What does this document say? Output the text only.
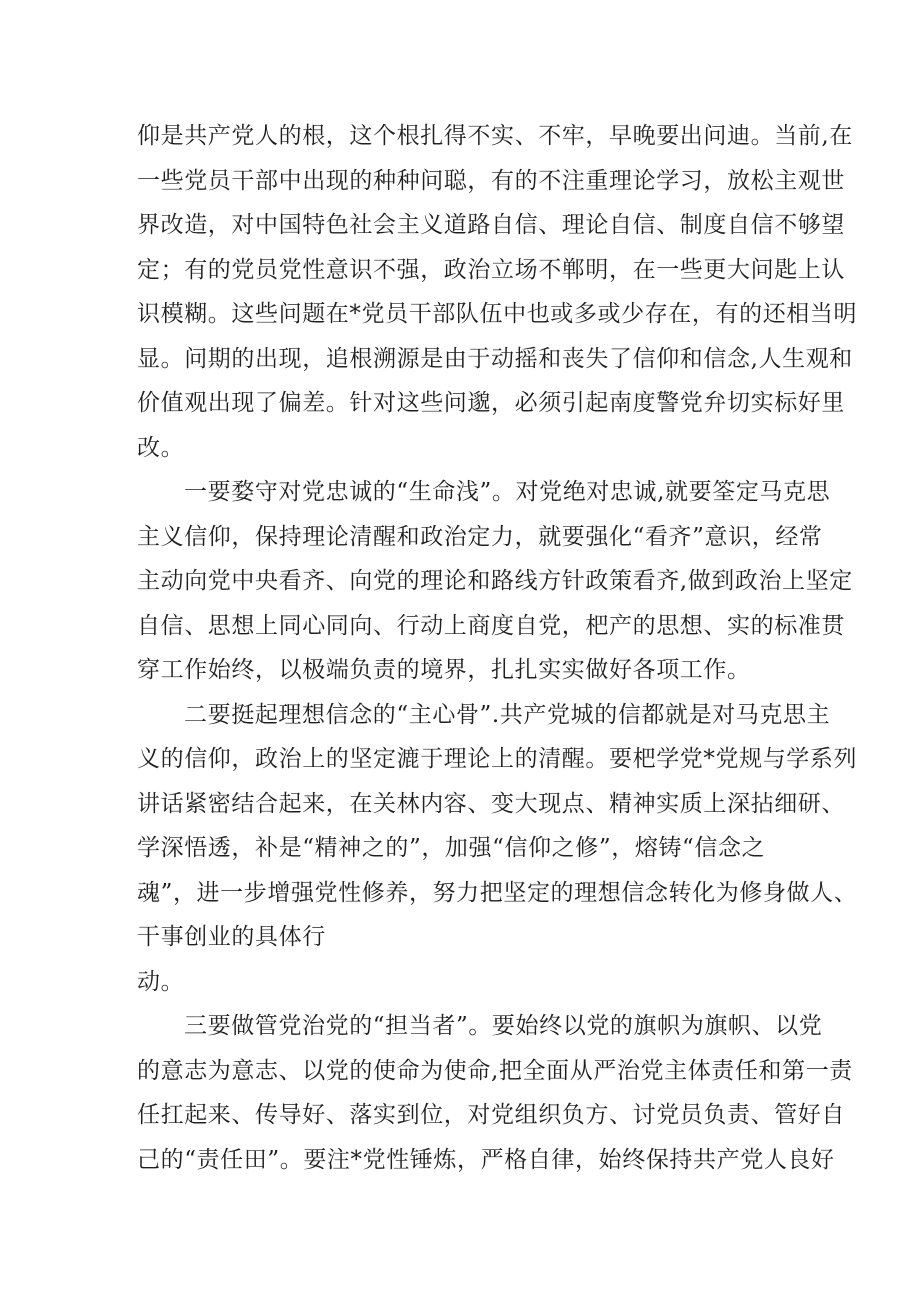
仰是共产党人的根，这个根扎得不实、不牢，早晚要出问迪。当前,在
一些党员干部中出现的种种问聪，有的不注重理论学习，放松主观世
界改造，对中国特色社会主义道路自信、理论自信、制度自信不够望
定；有的党员党性意识不强，政治立场不郸明，在一些更大问匙上认
识模糊。这些问题在*党员干部队伍中也或多或少存在，有的还相当明
显。问期的出现，追根溯源是由于动摇和丧失了信仰和信念,人生观和
价值观出现了偏差。针对这些问邈，必须引起南度警党弁切实标好里
改。
一要婺守对党忠诚的“生命浅”。对党绝对忠诚,就要筌定马克思
主义信仰，保持理论清醒和政治定力，就要强化“看齐”意识，经常
主动向党中央看齐、向党的理论和路线方针政策看齐,做到政治上坚定
自信、思想上同心同向、行动上商度自党，杷产的思想、实的标准贯
穿工作始终，以极端负责的境界，扎扎实实做好各项工作。
二要挺起理想信念的“主心骨”.共产党城的信都就是对马克思主
义的信仰，政治上的坚定漉于理论上的清醒。要杷学党*党规与学系列
讲话紧密结合起来，在关林内容、变大现点、精神实质上深拈细研、
学深悟透，补是“精神之的”，加强“信仰之修”，熔铸“信念之
魂”，进一步增强党性修养，努力把坚定的理想信念转化为修身做人、
干事创业的具体行
动。
三要做管党治党的“担当者”。要始终以党的旗帜为旗帜、以党
的意志为意志、以党的使命为使命,把全面从严治党主体责任和第一责
任扛起来、传导好、落实到位，对党组织负方、讨党员负责、管好自
己的“责任田”。要注*党性锤炼，严格自律，始终保持共产党人良好
